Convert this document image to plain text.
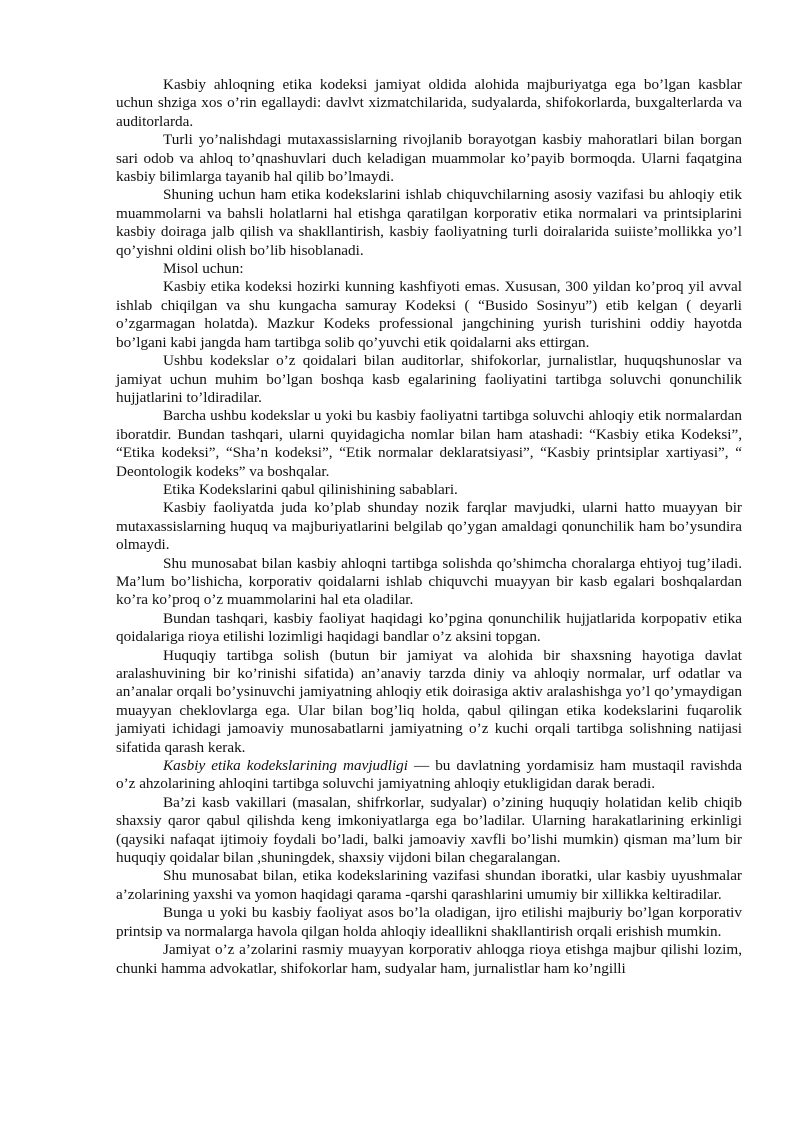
Kasbiy ahloqning etika kodeksi jamiyat oldida alohida majburiyatga ega bo’lgan kasblar uchun shziga xos o’rin egallaydi: davlvt xizmatchilarida, sudyalarda, shifokorlarda, buxgalterlarda va auditorlarda.

Turli yo’nalishdagi mutaxassislarning rivojlanib borayotgan kasbiy mahoratlari bilan borgan sari odob va ahloq to’qnashuvlari duch keladigan muammolar ko’payib bormoqda. Ularni faqatgina kasbiy bilimlarga tayanib hal qilib bo’lmaydi.

Shuning uchun ham etika kodekslarini ishlab chiquvchilarning asosiy vazifasi bu ahloqiy etik muammolarni va bahsli holatlarni hal etishga qaratilgan korporativ etika normalari va printsiplarini kasbiy doiraga jalb qilish va shakllantirish, kasbiy faoliyatning turli doiralarida suiiste’mollikka yo’l qo’yishni oldini olish bo’lib hisoblanadi.

Misol uchun:

Kasbiy etika kodeksi hozirki kunning kashfiyoti emas. Xususan, 300 yildan ko’proq yil avval ishlab chiqilgan va shu kungacha samuray Kodeksi ( “Busido Sosinyu”) etib kelgan ( deyarli o’zgarmagan holatda). Mazkur Kodeks professional jangchining yurish turishini oddiy hayotda bo’lgani kabi jangda ham tartibga solib qo’yuvchi etik qoidalarni aks ettirgan.

Ushbu kodekslar o’z qoidalari bilan auditorlar, shifokorlar, jurnalistlar, huquqshunoslar va jamiyat uchun muhim bo’lgan boshqa kasb egalarining faoliyatini tartibga soluvchi qonunchilik hujjatlarini to’ldiradilar.

Barcha ushbu kodekslar u yoki bu kasbiy faoliyatni tartibga soluvchi ahloqiy etik normalardan iboratdir. Bundan tashqari, ularni quyidagicha nomlar bilan ham atashadi: “Kasbiy etika Kodeksi”, “Etika kodeksi”, “Sha’n kodeksi”, “Etik normalar deklaratsiyasi”, “Kasbiy printsiplar xartiyasi”, “ Deontologik kodeks” va boshqalar.

Etika Kodekslarini qabul qilinishining sabablari.

Kasbiy faoliyatda juda ko’plab shunday nozik farqlar mavjudki, ularni hatto muayyan bir mutaxassislarning huquq va majburiyatlarini belgilab qo’ygan amaldagi qonunchilik ham bo’ysundira olmaydi.

Shu munosabat bilan kasbiy ahloqni tartibga solishda qo’shimcha choralarga ehtiyoj tug’iladi. Ma’lum bo’lishicha, korporativ qoidalarni ishlab chiquvchi muayyan bir kasb egalari boshqalardan ko’ra ko’proq o’z muammolarini hal eta oladilar.

Bundan tashqari, kasbiy faoliyat haqidagi ko’pgina qonunchilik hujjatlarida korpopativ etika qoidalariga rioya etilishi lozimligi haqidagi bandlar o’z aksini topgan.

Huquqiy tartibga solish (butun bir jamiyat va alohida bir shaxsning hayotiga davlat aralashuvining bir ko’rinishi sifatida) an’anaviy tarzda diniy va ahloqiy normalar, urf odatlar va an’analar orqali bo’ysinuvchi jamiyatning ahloqiy etik doirasiga aktiv aralashishga yo’l qo’ymaydigan muayyan cheklovlarga ega. Ular bilan bog’liq holda, qabul qilingan etika kodekslarini fuqarolik jamiyati ichidagi jamoaviy munosabatlarni jamiyatning o’z kuchi orqali tartibga solishning natijasi sifatida qarash kerak.

Kasbiy etika kodekslarining mavjudligi — bu davlatning yordamisiz ham mustaqil ravishda o’z ahzolarining ahloqini tartibga soluvchi jamiyatning ahloqiy etukligidan darak beradi.

Ba’zi kasb vakillari (masalan, shifrkorlar, sudyalar) o’zining huquqiy holatidan kelib chiqib shaxsiy qaror qabul qilishda keng imkoniyatlarga ega bo’ladilar. Ularning harakatlarining erkinligi (qaysiki nafaqat ijtimoiy foydali bo’ladi, balki jamoaviy xavfli bo’lishi mumkin) qisman ma’lum bir huquqiy qoidalar bilan ,shuningdek, shaxsiy vijdoni bilan chegaralangan.

Shu munosabat bilan, etika kodekslarining vazifasi shundan iboratki, ular kasbiy uyushmalar a’zolarining yaxshi va yomon haqidagi qarama -qarshi qarashlarini umumiy bir xillikka keltiradilar.

Bunga u yoki bu kasbiy faoliyat asos bo’la oladigan, ijro etilishi majburiy bo’lgan korporativ printsip va normalarga havola qilgan holda ahloqiy ideallikni shakllantirish orqali erishish mumkin.

Jamiyat o’z a’zolarini rasmiy muayyan korporativ ahloqga rioya etishga majbur qilishi lozim, chunki hamma advokatlar, shifokorlar ham, sudyalar ham, jurnalistlar ham ko’ngilli
